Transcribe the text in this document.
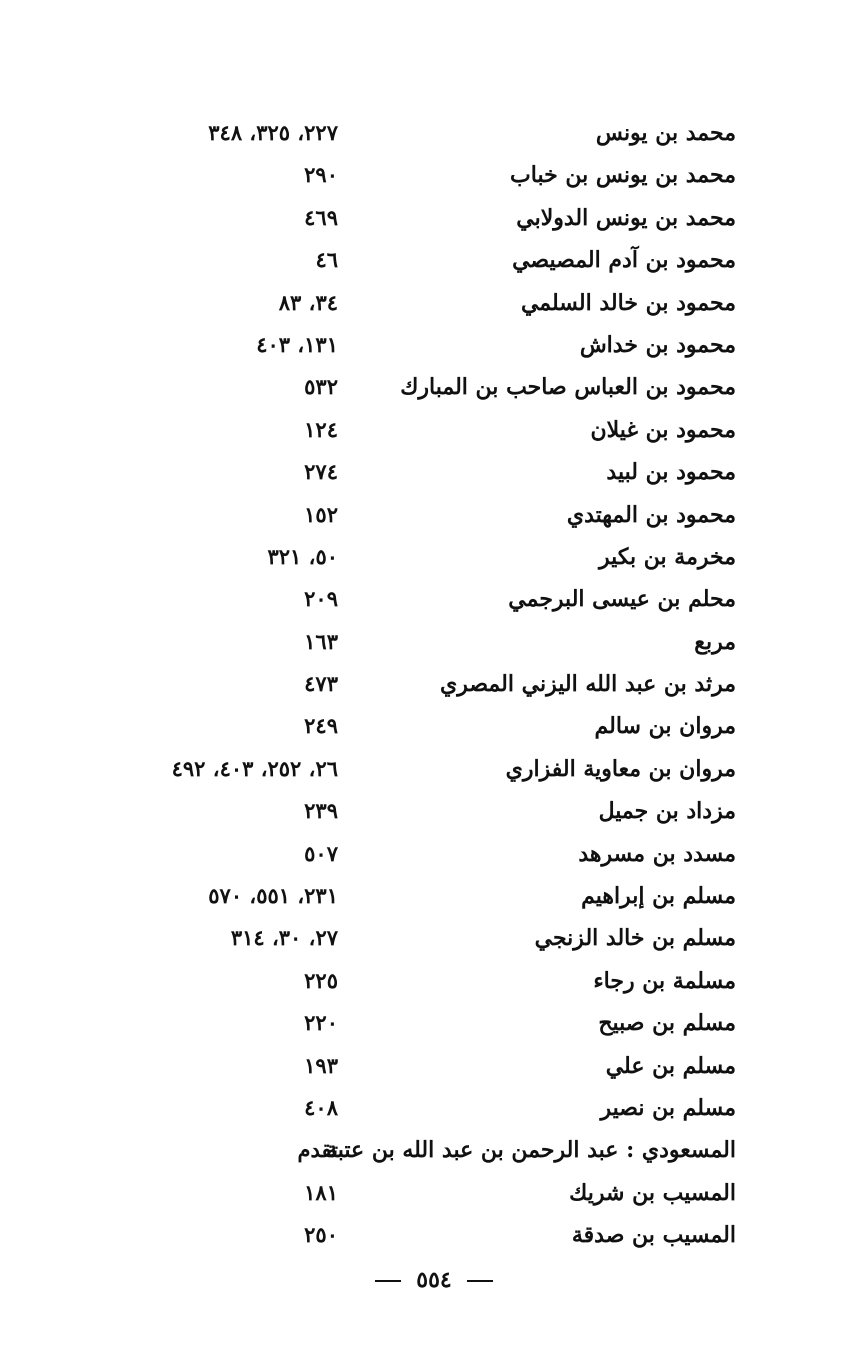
محمد بن يونس
٢٢٧، ٣٢٥، ٣٤٨
محمد بن يونس بن خباب
٢٩٠
محمد بن يونس الدولابي
٤٦٩
محمود بن آدم المصيصي
٤٦
محمود بن خالد السلمي
٣٤، ٨٣
محمود بن خداش
١٣١، ٤٠٣
محمود بن العباس صاحب بن المبارك
٥٣٢
محمود بن غيلان
١٢٤
محمود بن لبيد
٢٧٤
محمود بن المهتدي
١٥٢
مخرمة بن بكير
٥٠، ٣٢١
محلم بن عيسى البرجمي
٢٠٩
مربع
١٦٣
مرثد بن عبد الله اليزني المصري
٤٧٣
مروان بن سالم
٢٤٩
مروان بن معاوية الفزاري
٢٦، ٢٥٢، ٤٠٣، ٤٩٢
مزداد بن جميل
٢٣٩
مسدد بن مسرهد
٥٠٧
مسلم بن إبراهيم
٢٣١، ٥٥١، ٥٧٠
مسلم بن خالد الزنجي
٢٧، ٣٠، ٣١٤
مسلمة بن رجاء
٢٢٥
مسلم بن صبيح
٢٢٠
مسلم بن علي
١٩٣
مسلم بن نصير
٤٠٨
المسعودي : عبد الرحمن بن عبد الله بن عتبة
تقدم
المسيب بن شريك
١٨١
المسيب بن صدقة
٢٥٠
٥٥٤
